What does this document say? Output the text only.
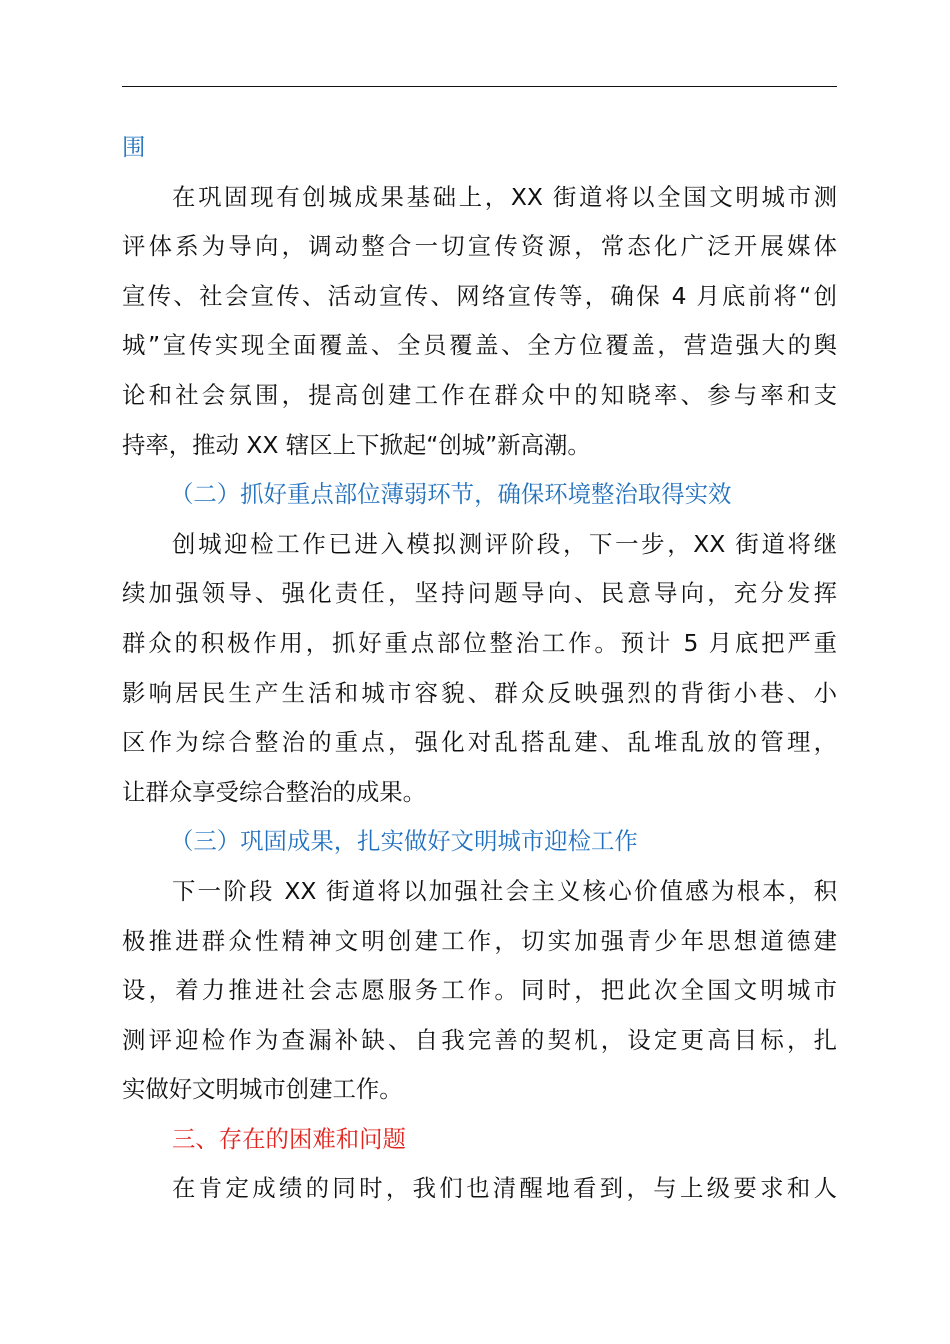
围
在巩固现有创城成果基础上，XX 街道将以全国文明城市测
评体系为导向，调动整合一切宣传资源，常态化广泛开展媒体
宣传、社会宣传、活动宣传、网络宣传等，确保 4 月底前将“创
城”宣传实现全面覆盖、全员覆盖、全方位覆盖，营造强大的舆
论和社会氛围，提高创建工作在群众中的知晓率、参与率和支
持率，推动 XX 辖区上下掀起“创城”新高潮。
（二）抓好重点部位薄弱环节，确保环境整治取得实效
创城迎检工作已进入模拟测评阶段，下一步，XX 街道将继
续加强领导、强化责任，坚持问题导向、民意导向，充分发挥
群众的积极作用，抓好重点部位整治工作。预计 5 月底把严重
影响居民生产生活和城市容貌、群众反映强烈的背街小巷、小
区作为综合整治的重点，强化对乱搭乱建、乱堆乱放的管理，
让群众享受综合整治的成果。
（三）巩固成果，扎实做好文明城市迎检工作
下一阶段 XX 街道将以加强社会主义核心价值感为根本，积
极推进群众性精神文明创建工作，切实加强青少年思想道德建
设，着力推进社会志愿服务工作。同时，把此次全国文明城市
测评迎检作为查漏补缺、自我完善的契机，设定更高目标，扎
实做好文明城市创建工作。
三、存在的困难和问题
在肯定成绩的同时，我们也清醒地看到，与上级要求和人
